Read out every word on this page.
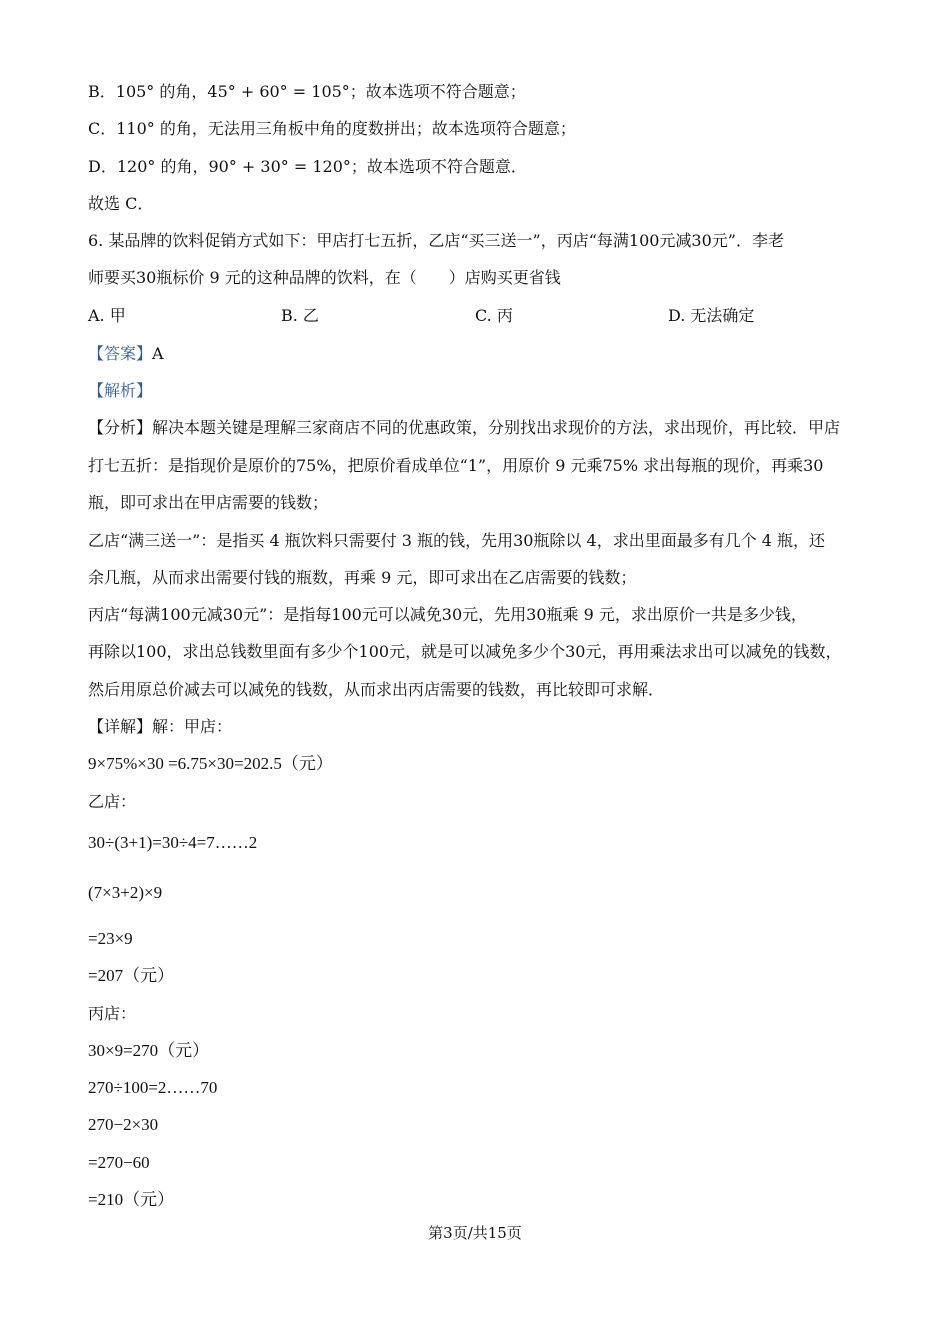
B．105° 的角，45° + 60° = 105°；故本选项不符合题意；
C．110° 的角，无法用三角板中角的度数拼出；故本选项符合题意；
D．120° 的角，90° + 30° = 120°；故本选项不符合题意．
故选 C．
6. 某品牌的饮料促销方式如下：甲店打七五折，乙店“买三送一”，丙店“每满100元减30元”．李老
师要买30瓶标价 9 元的这种品牌的饮料，在（　　）店购买更省钱
A. 甲	B. 乙	C. 丙	D. 无法确定
【答案】A
【解析】
【分析】解决本题关键是理解三家商店不同的优惠政策，分别找出求现价的方法，求出现价，再比较．甲店
打七五折：是指现价是原价的75%，把原价看成单位“1”，用原价 9 元乘75% 求出每瓶的现价，再乘30
瓶，即可求出在甲店需要的钱数；
乙店“满三送一”：是指买 4 瓶饮料只需要付 3 瓶的钱，先用30瓶除以 4，求出里面最多有几个 4 瓶，还
余几瓶，从而求出需要付钱的瓶数，再乘 9 元，即可求出在乙店需要的钱数；
丙店“每满100元减30元”：是指每100元可以减免30元，先用30瓶乘 9 元，求出原价一共是多少钱，
再除以100，求出总钱数里面有多少个100元，就是可以减免多少个30元，再用乘法求出可以减免的钱数，
然后用原总价减去可以减免的钱数，从而求出丙店需要的钱数，再比较即可求解．
【详解】解：甲店：
9×75%×30 =6.75×30=202.5（元）
乙店：
30÷(3+1)=30÷4=7……2
(7×3+2)×9
=23×9
=207（元）
丙店：
30×9=270（元）
270÷100=2……70
270−2×30
=270−60
=210（元）
第3页/共15页
